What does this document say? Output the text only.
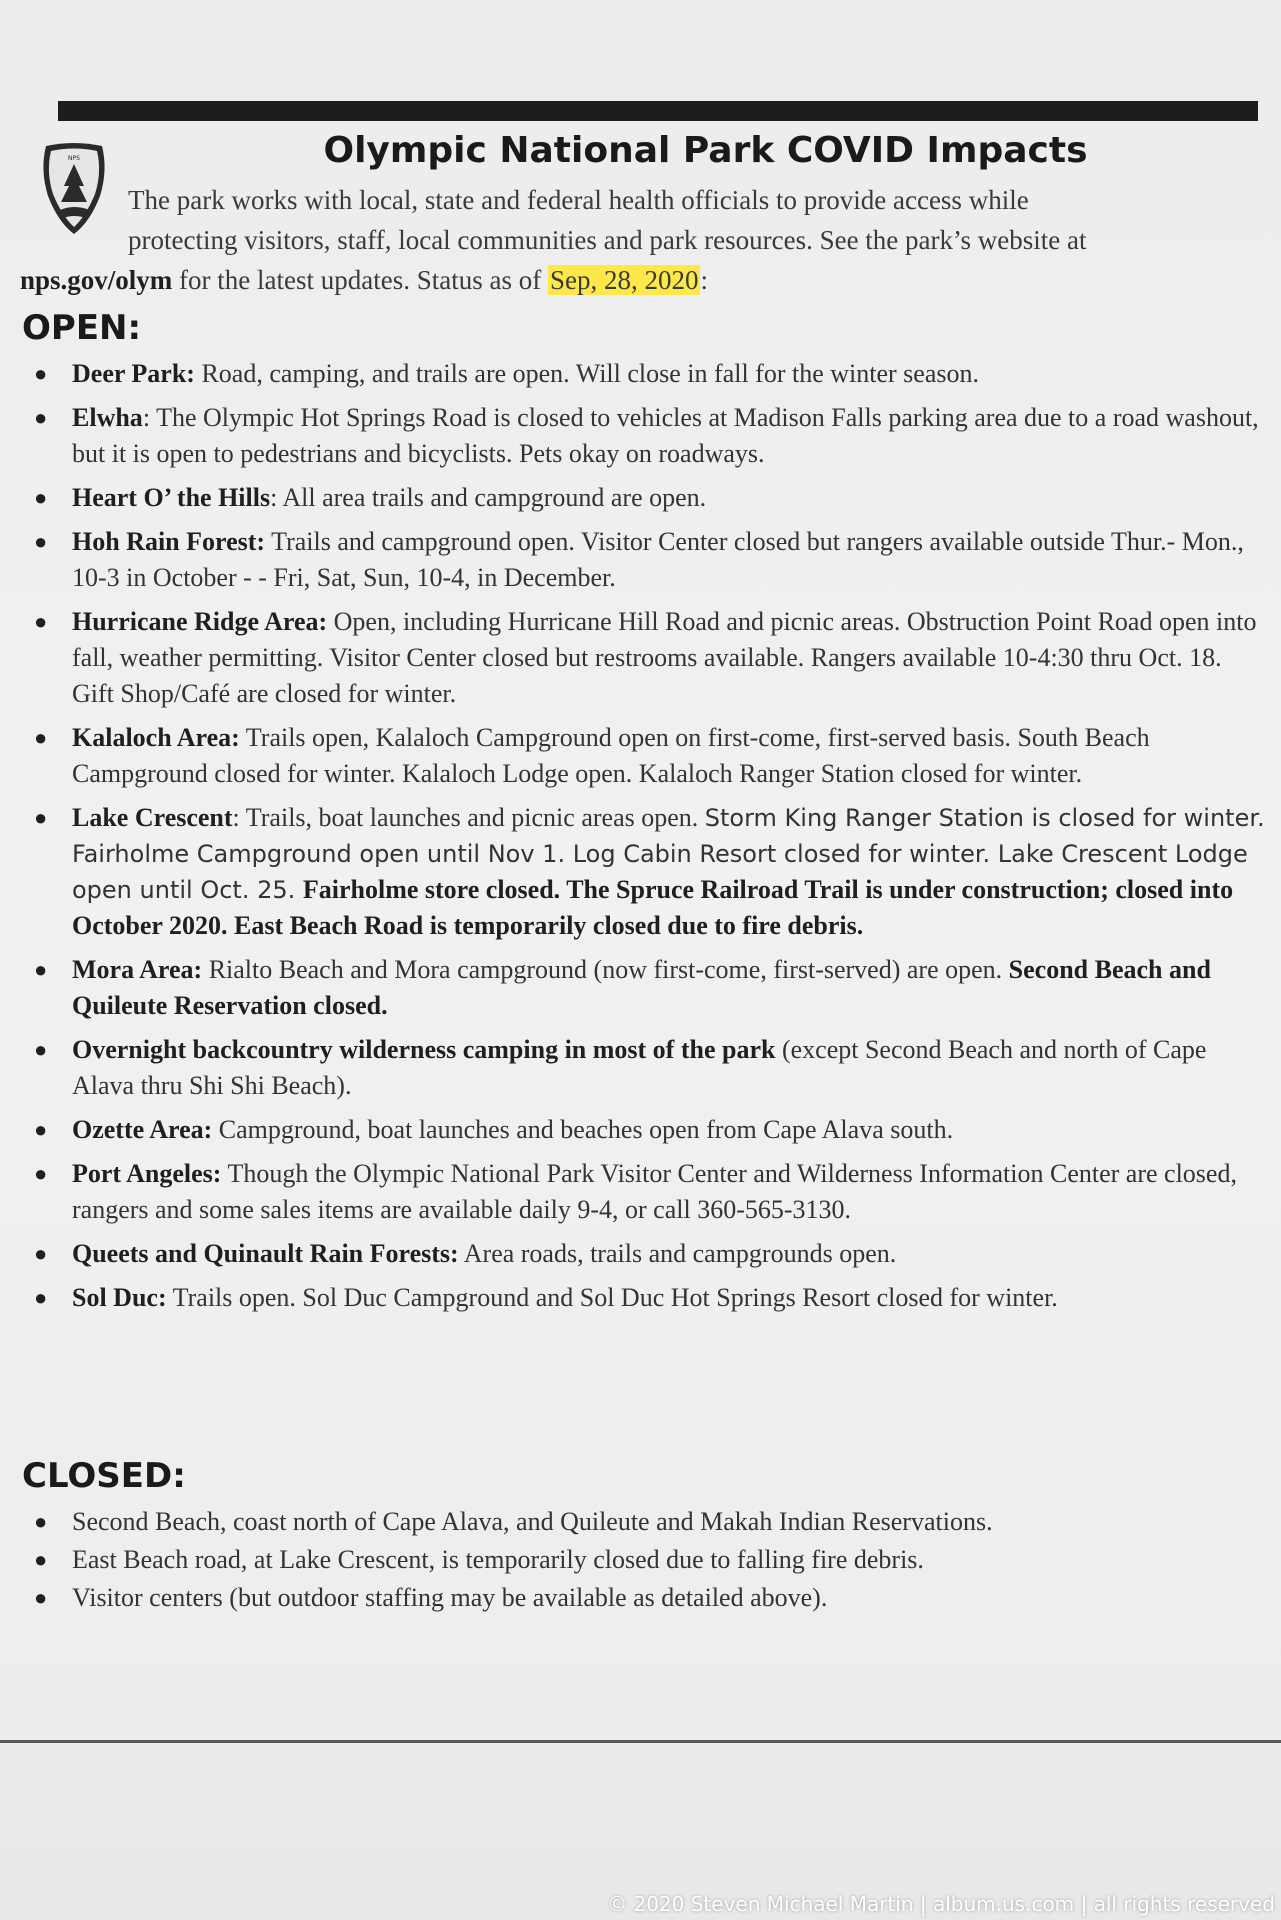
NPS	Olympic National Park COVID Impacts
The park works with local, state and federal health officials to provide access while
protecting visitors, staff, local communities and park resources. See the park’s website at
nps.gov/olym for the latest updates. Status as of Sep, 28, 2020:
OPEN:
● Deer Park: Road, camping, and trails are open. Will close in fall for the winter season.
● Elwha: The Olympic Hot Springs Road is closed to vehicles at Madison Falls parking area due to a road washout, but it is open to pedestrians and bicyclists. Pets okay on roadways.
● Heart O’ the Hills: All area trails and campground are open.
● Hoh Rain Forest: Trails and campground open. Visitor Center closed but rangers available outside Thur.- Mon., 10-3 in October - - Fri, Sat, Sun, 10-4, in December.
● Hurricane Ridge Area: Open, including Hurricane Hill Road and picnic areas. Obstruction Point Road open into fall, weather permitting. Visitor Center closed but restrooms available. Rangers available 10-4:30 thru Oct. 18. Gift Shop/Café are closed for winter.
● Kalaloch Area: Trails open, Kalaloch Campground open on first-come, first-served basis. South Beach Campground closed for winter. Kalaloch Lodge open. Kalaloch Ranger Station closed for winter.
● Lake Crescent: Trails, boat launches and picnic areas open. Storm King Ranger Station is closed for winter. Fairholme Campground open until Nov 1. Log Cabin Resort closed for winter. Lake Crescent Lodge open until Oct. 25. Fairholme store closed. The Spruce Railroad Trail is under construction; closed into October 2020. East Beach Road is temporarily closed due to fire debris.
● Mora Area: Rialto Beach and Mora campground (now first-come, first-served) are open. Second Beach and Quileute Reservation closed.
● Overnight backcountry wilderness camping in most of the park (except Second Beach and north of Cape Alava thru Shi Shi Beach).
● Ozette Area: Campground, boat launches and beaches open from Cape Alava south.
● Port Angeles: Though the Olympic National Park Visitor Center and Wilderness Information Center are closed, rangers and some sales items are available daily 9-4, or call 360-565-3130.
● Queets and Quinault Rain Forests: Area roads, trails and campgrounds open.
● Sol Duc: Trails open. Sol Duc Campground and Sol Duc Hot Springs Resort closed for winter.
CLOSED:
● Second Beach, coast north of Cape Alava, and Quileute and Makah Indian Reservations.
● East Beach road, at Lake Crescent, is temporarily closed due to falling fire debris.
● Visitor centers (but outdoor staffing may be available as detailed above).
© 2020 Steven Michael Martin | album.us.com | all rights reserved
